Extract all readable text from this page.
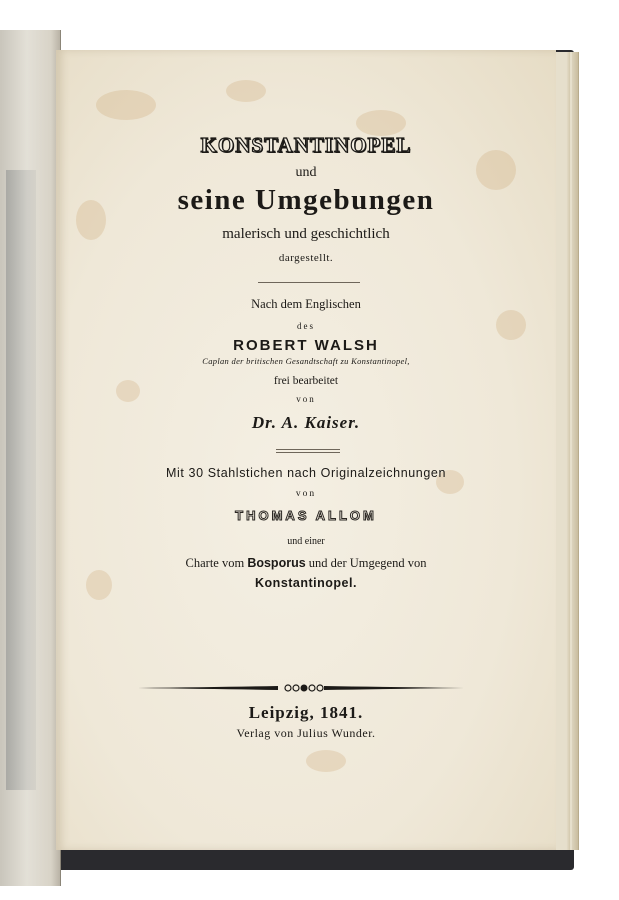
KONSTANTINOPEL
und
seine Umgebungen
malerisch und geschichtlich
dargestellt.
Nach dem Englischen
des
ROBERT WALSH
Caplan der britischen Gesandtschaft zu Konstantinopel,
frei bearbeitet
von
Dr. A. Kaiser.
Mit 30 Stahlstichen nach Originalzeichnungen
von
THOMAS ALLOM
und einer
Charte vom Bosporus und der Umgegend von
Konstantinopel.
Leipzig, 1841.
Verlag von Julius Wunder.
